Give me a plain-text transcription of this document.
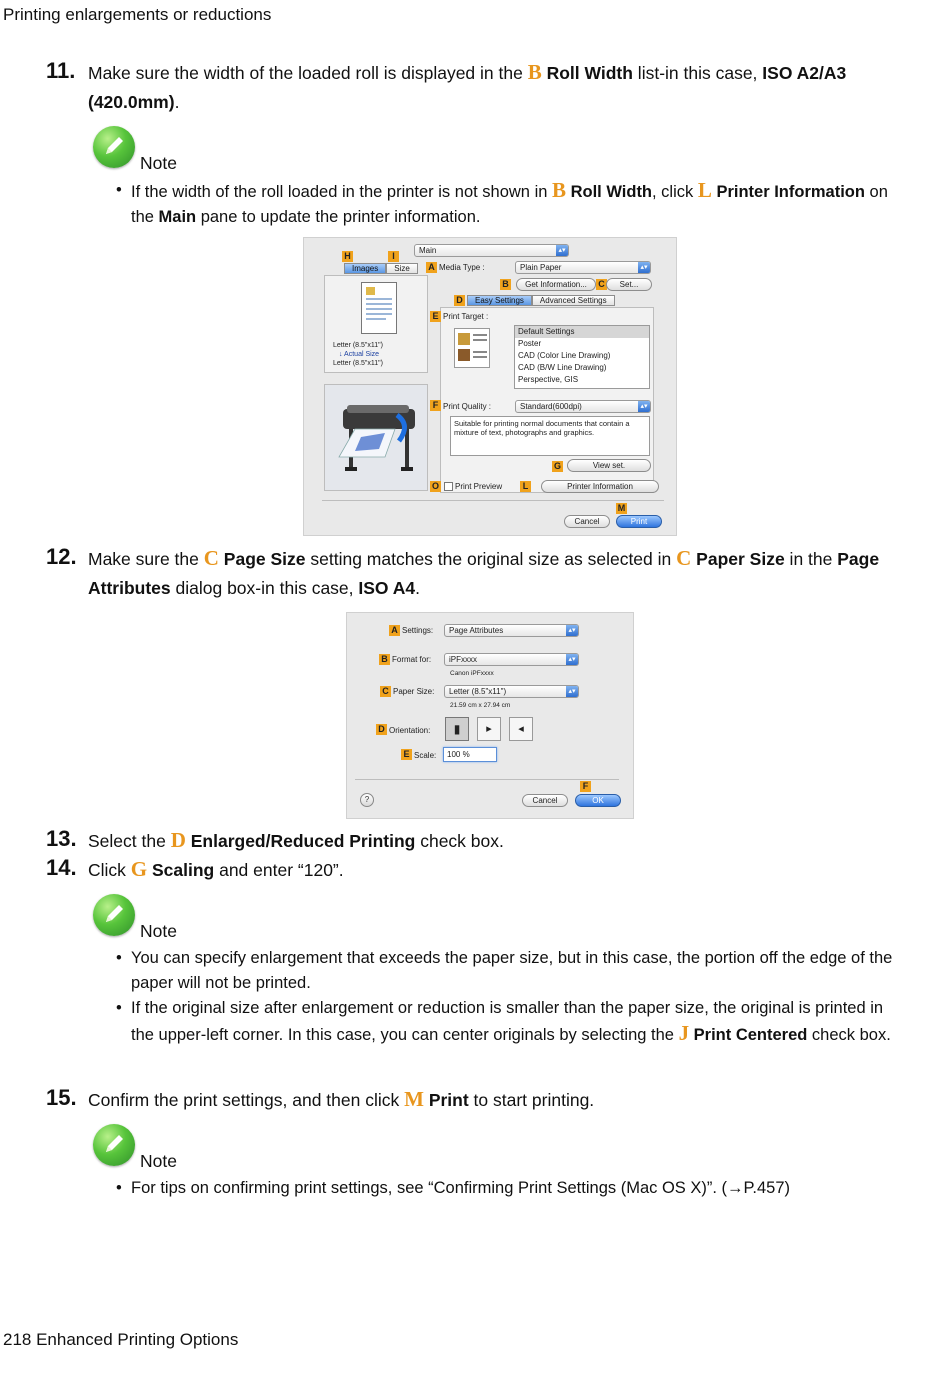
Printing enlargements or reductions
11. Make sure the width of the loaded roll is displayed in the B Roll Width list-in this case, ISO A2/A3 (420.0mm).
Note
• If the width of the roll loaded in the printer is not shown in B Roll Width, click L Printer Information on the Main pane to update the printer information.
Main	▴▾
H	I
Images	Size
Letter (8.5"x11")
↓ Actual Size
Letter (8.5"x11")
A Media Type :	Plain Paper	▴▾
B	Get Information...	C	Set...
D	Easy Settings	Advanced Settings
E Print Target :
Default Settings
Poster
CAD (Color Line Drawing)
CAD (B/W Line Drawing)
Perspective, GIS
F Print Quality :	Standard(600dpi)	▴▾
Suitable for printing normal documents that contain a mixture of text, photographs and graphics.
G	View set.
O Print Preview	L	Printer Information
M
Cancel	Print
12. Make sure the C Page Size setting matches the original size as selected in C Paper Size in the Page Attributes dialog box-in this case, ISO A4.
A Settings:	Page Attributes	▴▾
B Format for:	iPFxxxx	▴▾
Canon iPFxxxx
C Paper Size:	Letter (8.5"x11")	▴▾
21.59 cm x 27.94 cm
D Orientation:	▮	▸	◂
E Scale:	100 %
F
?	Cancel	OK
13. Select the D Enlarged/Reduced Printing check box.
14. Click G Scaling and enter “120”.
Note
• You can specify enlargement that exceeds the paper size, but in this case, the portion off the edge of the paper will not be printed.
• If the original size after enlargement or reduction is smaller than the paper size, the original is printed in the upper-left corner. In this case, you can center originals by selecting the J Print Centered check box.
15. Confirm the print settings, and then click M Print to start printing.
Note
• For tips on confirming print settings, see “Confirming Print Settings (Mac OS X)”. (→P.457)
218 Enhanced Printing Options
